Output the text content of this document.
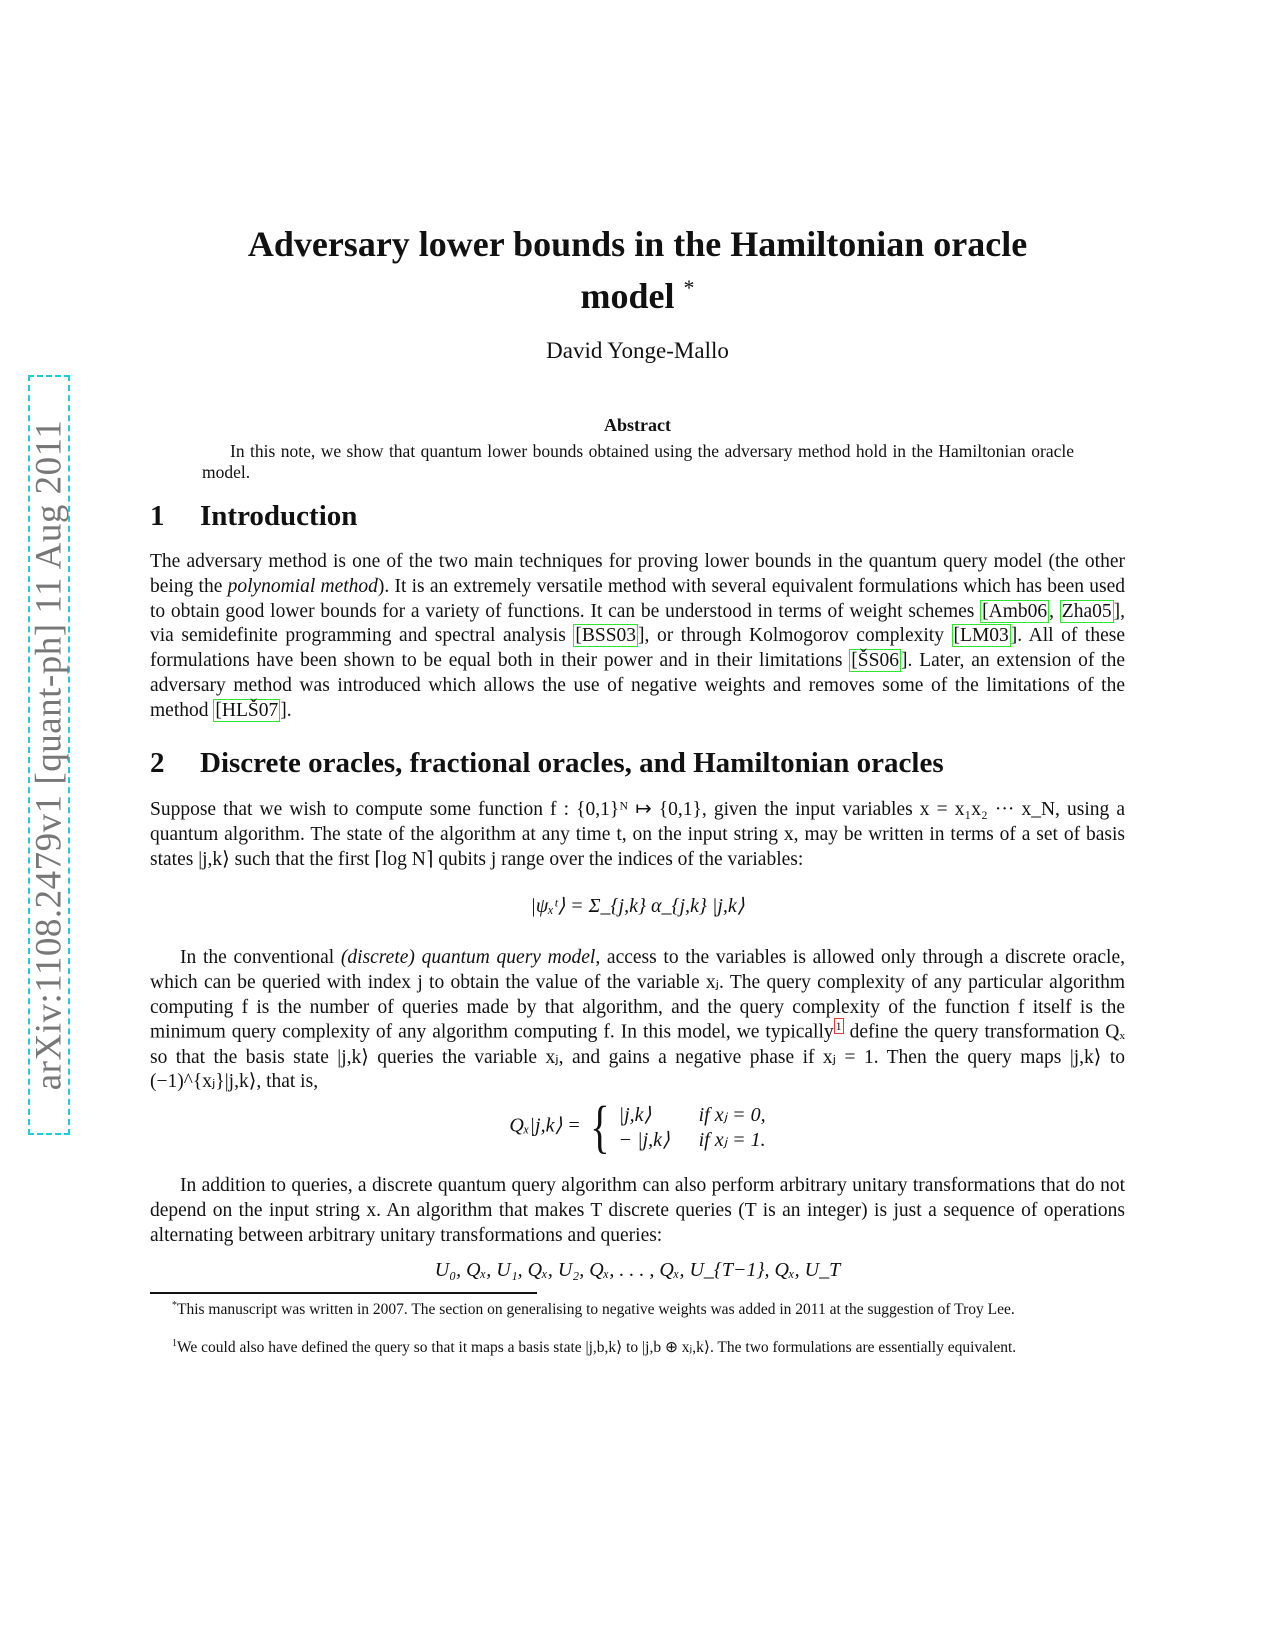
arXiv:1108.2479v1 [quant-ph] 11 Aug 2011
Adversary lower bounds in the Hamiltonian oracle
model *
David Yonge-Mallo
Abstract
In this note, we show that quantum lower bounds obtained using the adversary method hold in the Hamiltonian oracle model.
1 Introduction
The adversary method is one of the two main techniques for proving lower bounds in the quantum query model (the other being the polynomial method). It is an extremely versatile method with several equivalent formulations which has been used to obtain good lower bounds for a variety of functions. It can be understood in terms of weight schemes [Amb06 , Zha05 ], via semidefinite programming and spectral analysis [BSS03 ], or through Kolmogorov complexity [LM03 ]. All of these formulations have been shown to be equal both in their power and in their limitations [ŠS06 ]. Later, an extension of the adversary method was introduced which allows the use of negative weights and removes some of the limitations of the method [HLŠ07 ].
2 Discrete oracles, fractional oracles, and Hamiltonian oracles
Suppose that we wish to compute some function f : {0,1}ᴺ ↦ {0,1}, given the input variables x = x₁x₂ ··· x_N, using a quantum algorithm. The state of the algorithm at any time t, on the input string x, may be written in terms of a set of basis states |j,k⟩ such that the first ⌈log N⌉ qubits j range over the indices of the variables:
|ψₓᵗ⟩ = Σ_{j,k} α_{j,k} |j,k⟩
In the conventional (discrete) quantum query model, access to the variables is allowed only through a discrete oracle, which can be queried with index j to obtain the value of the variable xⱼ. The query complexity of any particular algorithm computing f is the number of queries made by that algorithm, and the query complexity of the function f itself is the minimum query complexity of any algorithm computing f. In this model, we typically $^1$ define the query transformation Qₓ so that the basis state |j,k⟩ queries the variable xⱼ, and gains a negative phase if xⱼ = 1. Then the query maps |j,k⟩ to (−1)^{xⱼ}|j,k⟩, that is,
Qₓ|j,k⟩ = { |j,k⟩ if xⱼ = 0,
− |j,k⟩ if xⱼ = 1.
In addition to queries, a discrete quantum query algorithm can also perform arbitrary unitary transformations that do not depend on the input string x. An algorithm that makes T discrete queries (T is an integer) is just a sequence of operations alternating between arbitrary unitary transformations and queries:
U₀, Qₓ, U₁, Qₓ, U₂, Qₓ, . . . , Qₓ, U_{T−1}, Qₓ, U_T
*This manuscript was written in 2007. The section on generalising to negative weights was added in 2011 at the suggestion of Troy Lee.
$^1$We could also have defined the query so that it maps a basis state |j,b,k⟩ to |j,b ⊕ xⱼ,k⟩. The two formulations are essentially equivalent.
